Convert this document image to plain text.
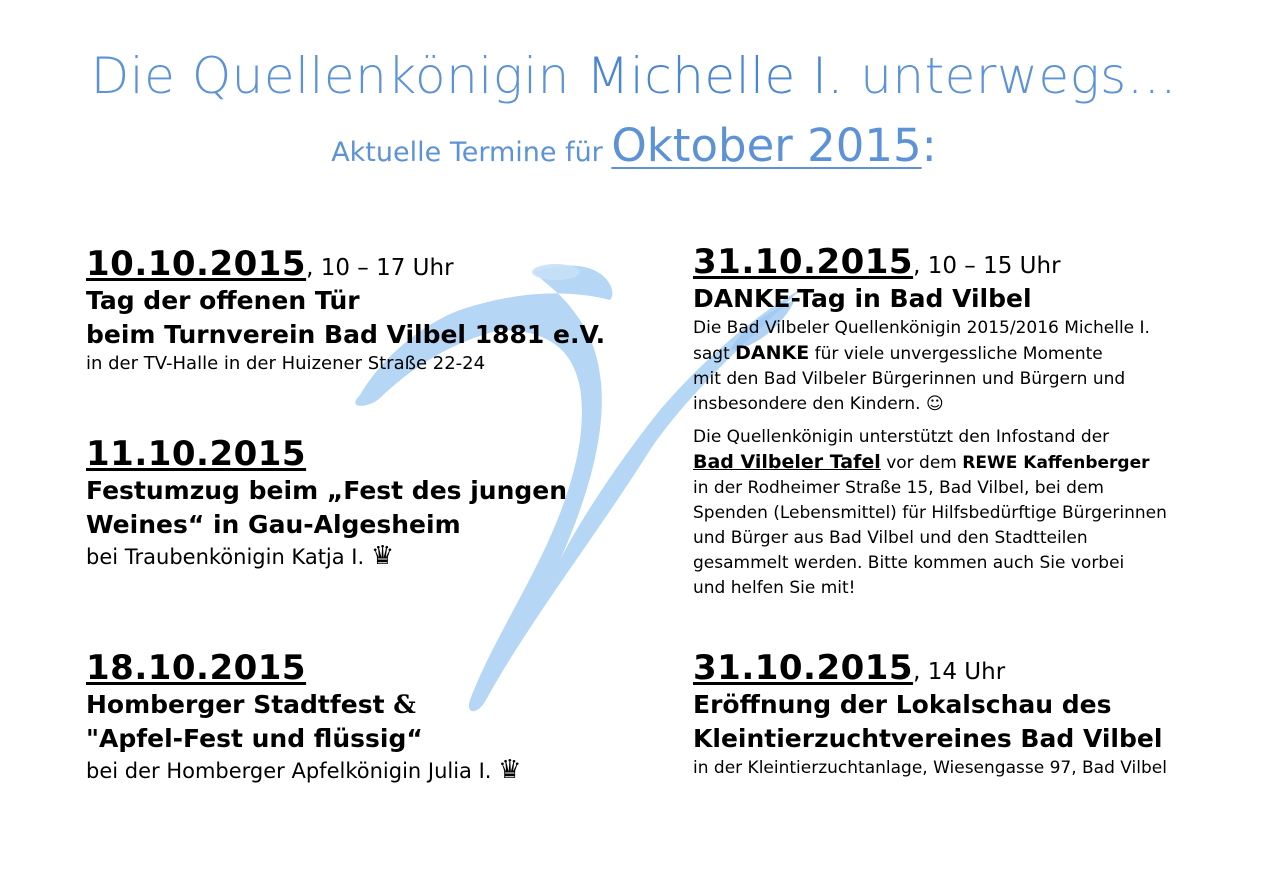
Die Quellenkönigin Michelle I. unterwegs…
Aktuelle Termine für Oktober 2015:
10.10.2015, 10 – 17 Uhr
Tag der offenen Tür
beim Turnverein Bad Vilbel 1881 e.V.
in der TV-Halle in der Huizener Straße 22-24
11.10.2015
Festumzug beim „Fest des jungen
Weines“ in Gau-Algesheim
bei Traubenkönigin Katja I. ♛
18.10.2015
Homberger Stadtfest &
"Apfel-Fest und flüssig“
bei der Homberger Apfelkönigin Julia I. ♛
31.10.2015, 10 – 15 Uhr
DANKE-Tag in Bad Vilbel
Die Bad Vilbeler Quellenkönigin 2015/2016 Michelle I.
sagt DANKE für viele unvergessliche Momente
mit den Bad Vilbeler Bürgerinnen und Bürgern und
insbesondere den Kindern. ☺
Die Quellenkönigin unterstützt den Infostand der
Bad Vilbeler Tafel vor dem REWE Kaffenberger
in der Rodheimer Straße 15, Bad Vilbel, bei dem
Spenden (Lebensmittel) für Hilfsbedürftige Bürgerinnen
und Bürger aus Bad Vilbel und den Stadtteilen
gesammelt werden. Bitte kommen auch Sie vorbei
und helfen Sie mit!
31.10.2015, 14 Uhr
Eröffnung der Lokalschau des
Kleintierzuchtvereines Bad Vilbel
in der Kleintierzuchtanlage, Wiesengasse 97, Bad Vilbel
